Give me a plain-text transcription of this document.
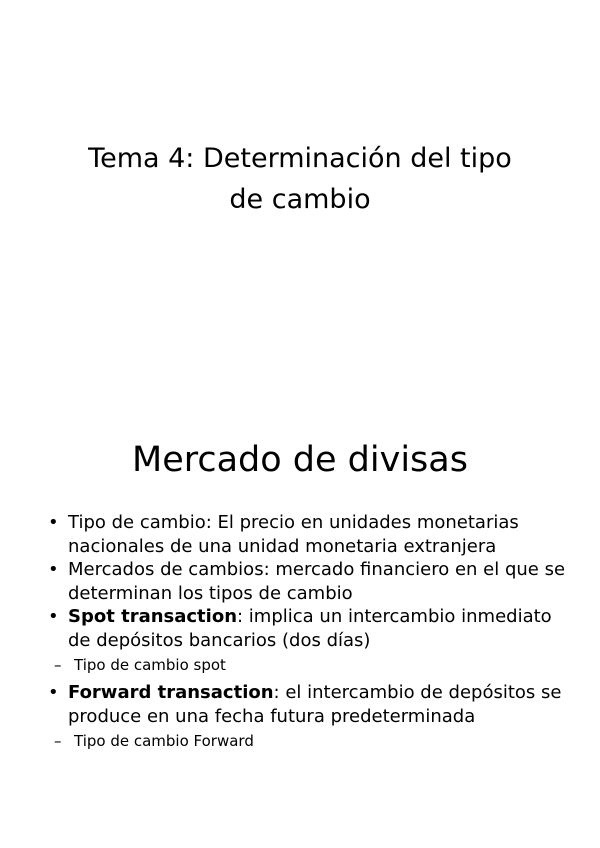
Tema 4: Determinación del tipo
de cambio
Mercado de divisas
• Tipo de cambio: El precio en unidades monetarias nacionales de una unidad monetaria extranjera
• Mercados de cambios: mercado financiero en el que se determinan los tipos de cambio
• Spot transaction: implica un intercambio inmediato de depósitos bancarios (dos días)
– Tipo de cambio spot
• Forward transaction: el intercambio de depósitos se produce en una fecha futura predeterminada
– Tipo de cambio Forward
